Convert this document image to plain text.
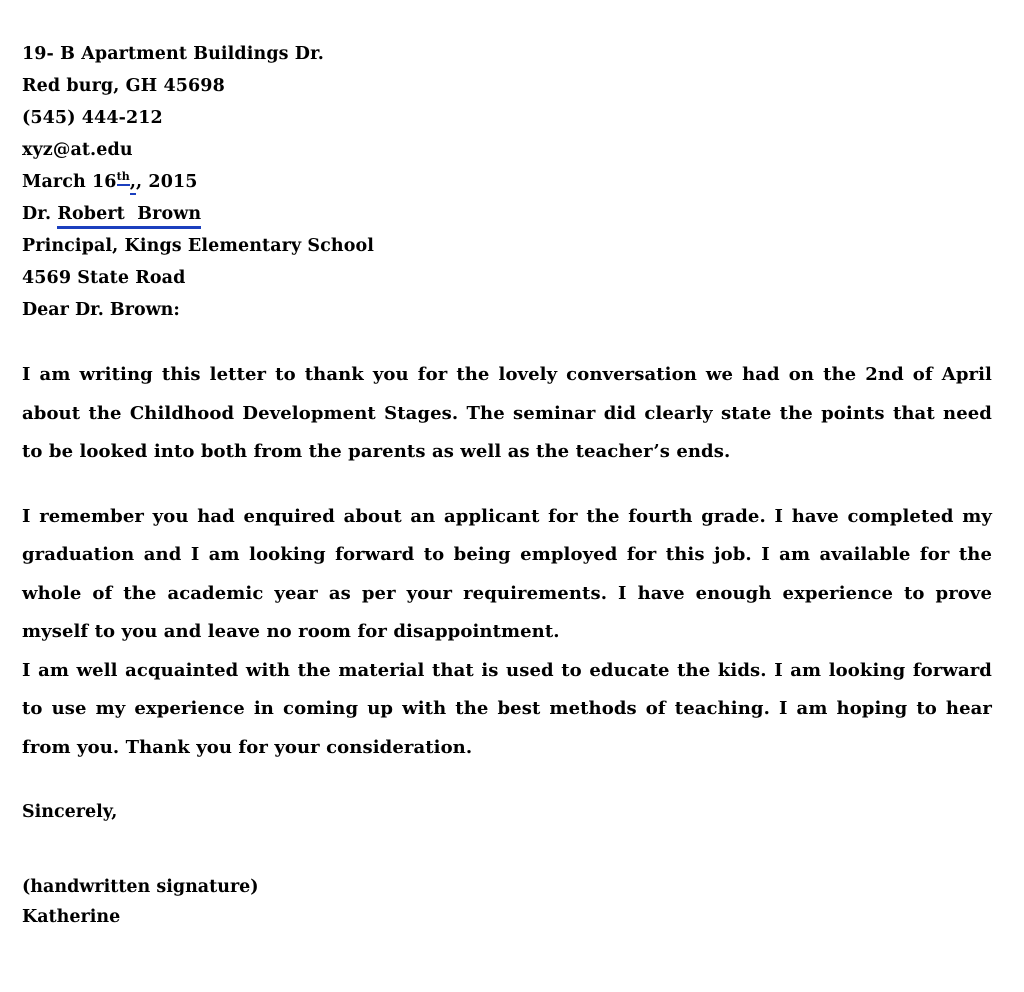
19- B Apartment Buildings Dr.
Red burg, GH 45698
(545) 444-212
xyz@at.edu
March 16th,, 2015
Dr. Robert  Brown
Principal, Kings Elementary School
4569 State Road
Dear Dr. Brown:

I am writing this letter to thank you for the lovely conversation we had on the 2nd of April about the Childhood Development Stages. The seminar did clearly state the points that need to be looked into both from the parents as well as the teacher’s ends.

I remember you had enquired about an applicant for the fourth grade. I have completed my graduation and I am looking forward to being employed for this job. I am available for the whole of the academic year as per your requirements. I have enough experience to prove myself to you and leave no room for disappointment.

I am well acquainted with the material that is used to educate the kids. I am looking forward to use my experience in coming up with the best methods of teaching. I am hoping to hear from you. Thank you for your consideration.

Sincerely,
(handwritten signature)
Katherine
